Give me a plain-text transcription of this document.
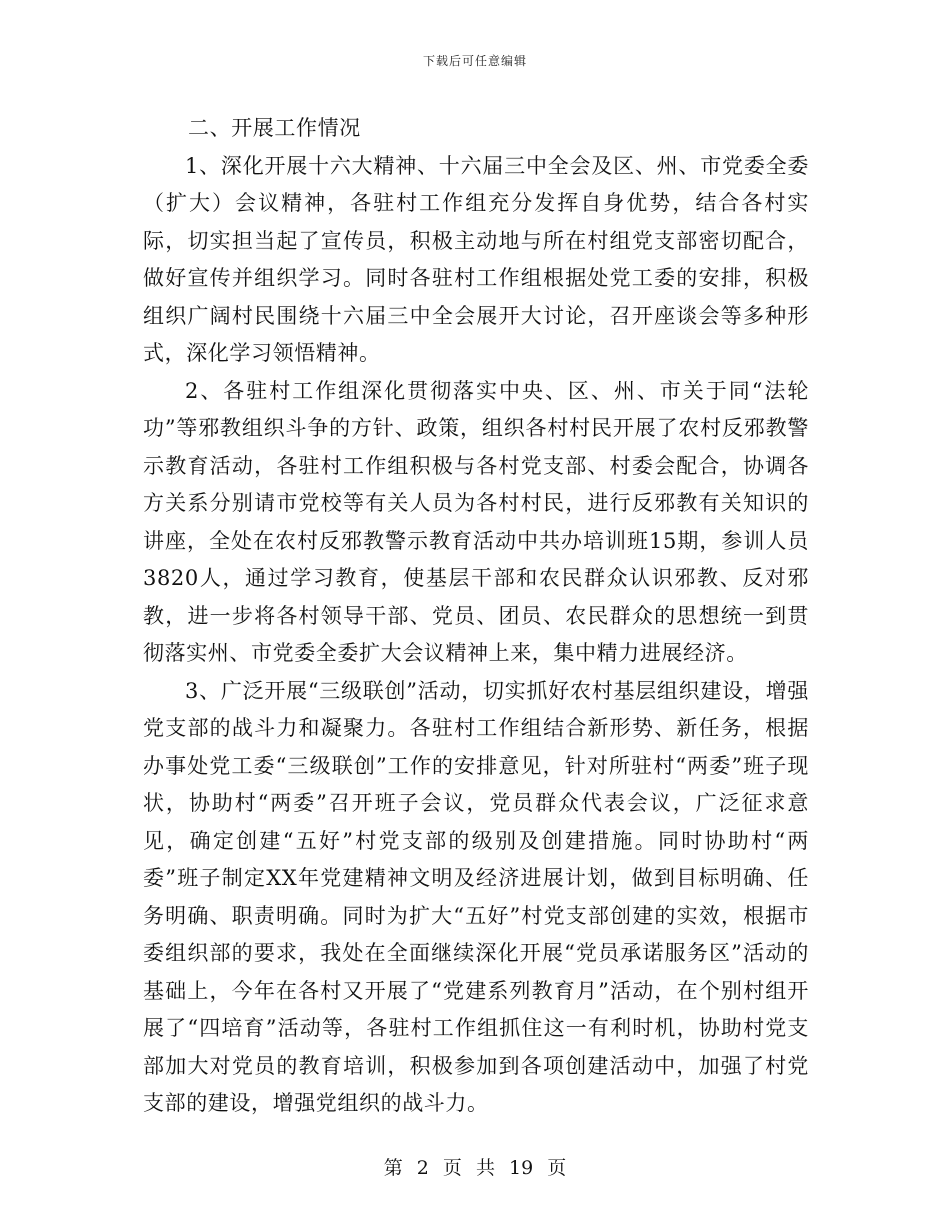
下载后可任意编辑

二、开展工作情况

1、深化开展十六大精神、十六届三中全会及区、州、市党委全委（扩大）会议精神，各驻村工作组充分发挥自身优势，结合各村实际，切实担当起了宣传员，积极主动地与所在村组党支部密切配合，做好宣传并组织学习。同时各驻村工作组根据处党工委的安排，积极组织广阔村民围绕十六届三中全会展开大讨论，召开座谈会等多种形式，深化学习领悟精神。

2、各驻村工作组深化贯彻落实中央、区、州、市关于同“法轮功”等邪教组织斗争的方针、政策，组织各村村民开展了农村反邪教警示教育活动，各驻村工作组积极与各村党支部、村委会配合，协调各方关系分别请市党校等有关人员为各村村民，进行反邪教有关知识的讲座，全处在农村反邪教警示教育活动中共办培训班15期，参训人员3820人，通过学习教育，使基层干部和农民群众认识邪教、反对邪教，进一步将各村领导干部、党员、团员、农民群众的思想统一到贯彻落实州、市党委全委扩大会议精神上来，集中精力进展经济。

3、广泛开展“三级联创”活动，切实抓好农村基层组织建设，增强党支部的战斗力和凝聚力。各驻村工作组结合新形势、新任务，根据办事处党工委“三级联创”工作的安排意见，针对所驻村“两委”班子现状，协助村“两委”召开班子会议，党员群众代表会议，广泛征求意见，确定创建“五好”村党支部的级别及创建措施。同时协助村“两委”班子制定XX年党建精神文明及经济进展计划，做到目标明确、任务明确、职责明确。同时为扩大“五好”村党支部创建的实效，根据市委组织部的要求，我处在全面继续深化开展“党员承诺服务区”活动的基础上，今年在各村又开展了“党建系列教育月”活动，在个别村组开展了“四培育”活动等，各驻村工作组抓住这一有利时机，协助村党支部加大对党员的教育培训，积极参加到各项创建活动中，加强了村党支部的建设，增强党组织的战斗力。

第 2 页 共 19 页
